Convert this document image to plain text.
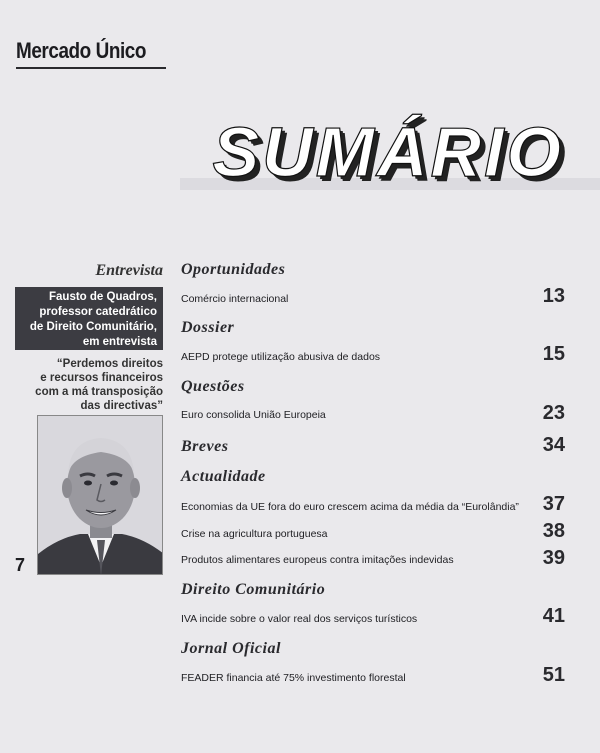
Mercado Único
SUMÁRIO
Entrevista
Fausto de Quadros,
professor catedrático
de Direito Comunitário,
em entrevista
“Perdemos direitos
e recursos financeiros
com a má transposição
das directivas”
7
Oportunidades
Comércio internacional	13
Dossier
AEPD protege utilização abusiva de dados	15
Questões
Euro consolida União Europeia	23
Breves	34
Actualidade
Economias da UE fora do euro crescem acima da média da “Eurolândia” 37
Crise na agricultura portuguesa	38
Produtos alimentares europeus contra imitações indevidas	39
Direito Comunitário
IVA incide sobre o valor real dos serviços turísticos	41
Jornal Oficial
FEADER financia até 75% investimento florestal	51
